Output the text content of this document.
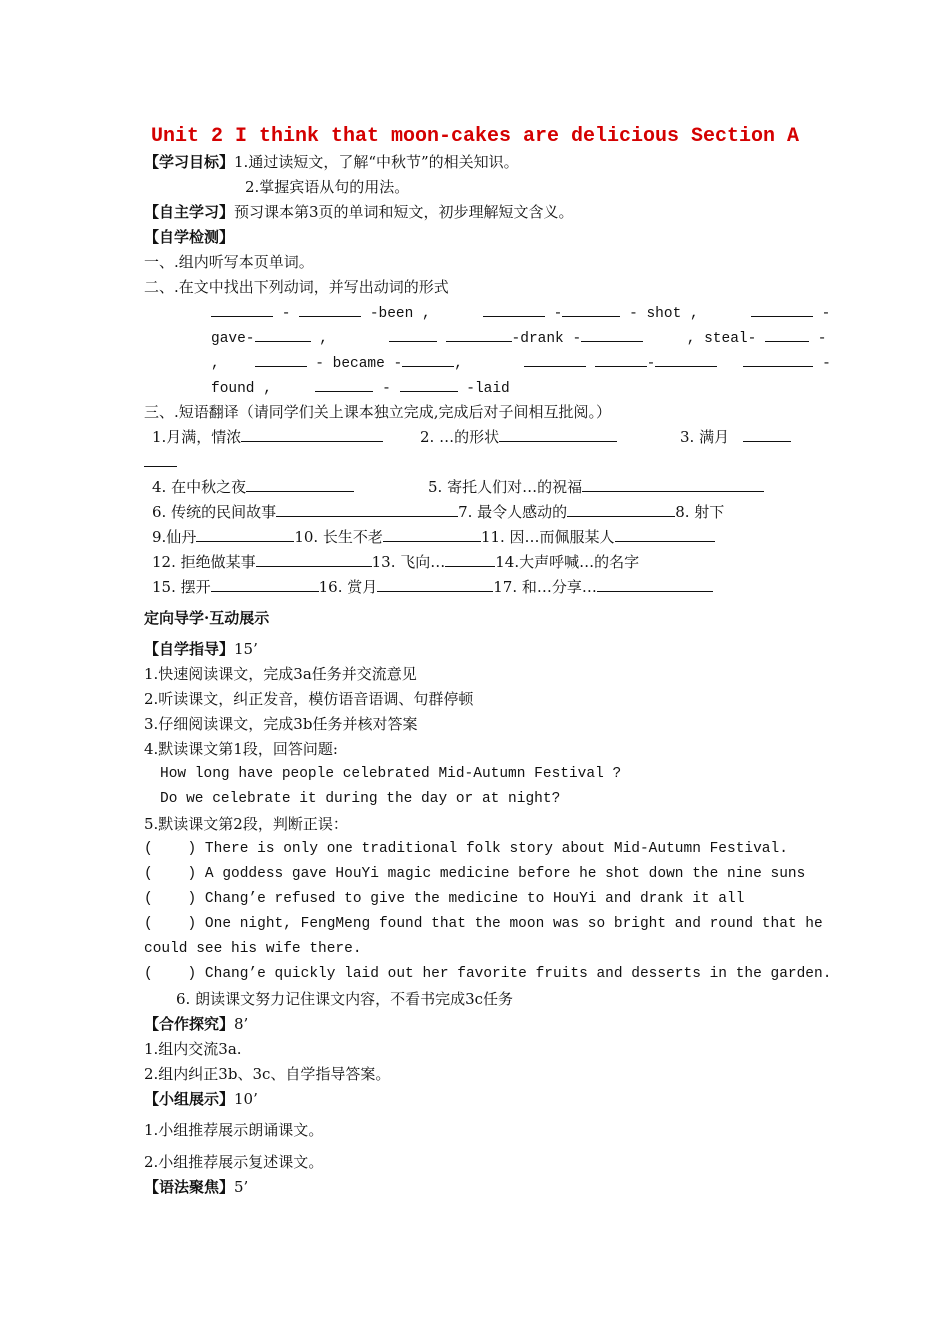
Unit 2 I think that moon-cakes are delicious Section A
【学习目标】1.通过读短文，了解“中秋节”的相关知识。
2.掌握宾语从句的用法。
【自主学习】预习课本第3页的单词和短文，初步理解短文含义。
【自学检测】
一、.组内听写本页单词。
二、.在文中找出下列动词，并写出动词的形式
-	-been ,	-	- shot ,	-
gave-	,	-drank -	, steal-	-
,	- became -	,	-	-
found ,	-	-laid
三、.短语翻译（请同学们关上课本独立完成,完成后对子间相互批阅。）
1.月满，情浓	2. …的形状	3. 满月
4. 在中秋之夜	5. 寄托人们对…的祝福
6. 传统的民间故事	7. 最令人感动的	8. 射下
9.仙丹	10. 长生不老	11. 因…而佩服某人
12. 拒绝做某事	13. 飞向…	14.大声呼喊…的名字
15. 摆开	16. 赏月	17. 和…分享…
定向导学·互动展示
【自学指导】15’
1.快速阅读课文，完成3a任务并交流意见
2.听读课文，纠正发音，模仿语音语调、句群停顿
3.仔细阅读课文，完成3b任务并核对答案
4.默读课文第1段，回答问题:
How long have people celebrated Mid-Autumn Festival ?
Do we celebrate it during the day or at night?
5.默读课文第2段，判断正误：
(    ) There is only one traditional folk story about Mid-Autumn Festival.
(    ) A goddess gave HouYi magic medicine before he shot down the nine suns
(    ) Chang’e refused to give the medicine to HouYi and drank it all
(    ) One night, FengMeng found that the moon was so bright and round that he
could see his wife there.
(    ) Chang’e quickly laid out her favorite fruits and desserts in the garden.
6. 朗读课文努力记住课文内容，不看书完成3c任务
【合作探究】8’
1.组内交流3a.
2.组内纠正3b、3c、自学指导答案。
【小组展示】10’
1.小组推荐展示朗诵课文。
2.小组推荐展示复述课文。
【语法聚焦】5’
